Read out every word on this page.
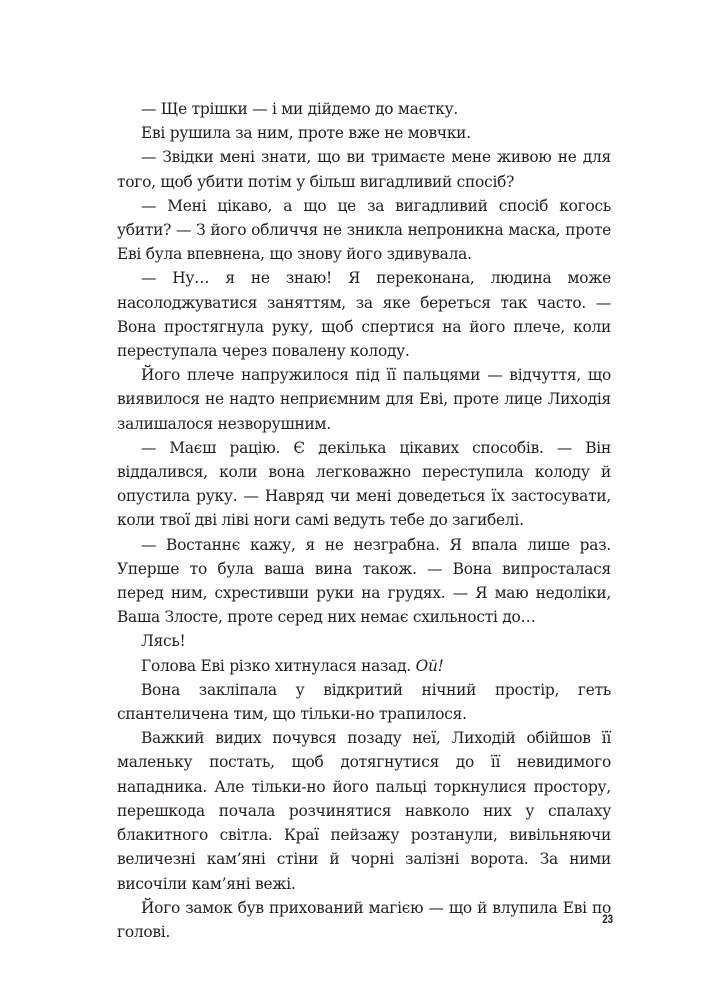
— Ще трішки — і ми дійдемо до маєтку.

Еві рушила за ним, проте вже не мовчки.

— Звідки мені знати, що ви тримаєте мене живою не для того, щоб убити потім у більш вигадливий спосіб?

— Мені цікаво, а що це за вигадливий спосіб когось убити? — З його обличчя не зникла непроникна маска, проте Еві була впевнена, що знову його здивувала.

— Ну… я не знаю! Я переконана, людина може насолоджуватися заняттям, за яке береться так часто. — Вона простягнула руку, щоб спертися на його плече, коли переступала через повалену колоду.

Його плече напружилося під її пальцями — відчуття, що виявилося не надто неприємним для Еві, проте лице Лиходія залишалося незворушним.

— Маєш рацію. Є декілька цікавих способів. — Він віддалився, коли вона легковажно переступила колоду й опустила руку. — Навряд чи мені доведеться їх застосувати, коли твої дві ліві ноги самі ведуть тебе до загибелі.

— Востаннє кажу, я не незграбна. Я впала лише раз. Уперше то була ваша вина також. — Вона випросталася перед ним, схрестивши руки на грудях. — Я маю недоліки, Ваша Злосте, проте серед них немає схильності до…

Лясь!

Голова Еві різко хитнулася назад. Ой!

Вона закліпала у відкритий нічний простір, геть спантеличена тим, що тільки-но трапилося.

Важкий видих почувся позаду неї, Лиходій обійшов її маленьку постать, щоб дотягнутися до її невидимого нападника. Але тільки-но його пальці торкнулися простору, перешкода почала розчинятися навколо них у спалаху блакитного світла. Краї пейзажу розтанули, вивільняючи величезні кам’яні стіни й чорні залізні ворота. За ними височіли кам’яні вежі.

Його замок був прихований магією — що й влупила Еві по голові.

23
